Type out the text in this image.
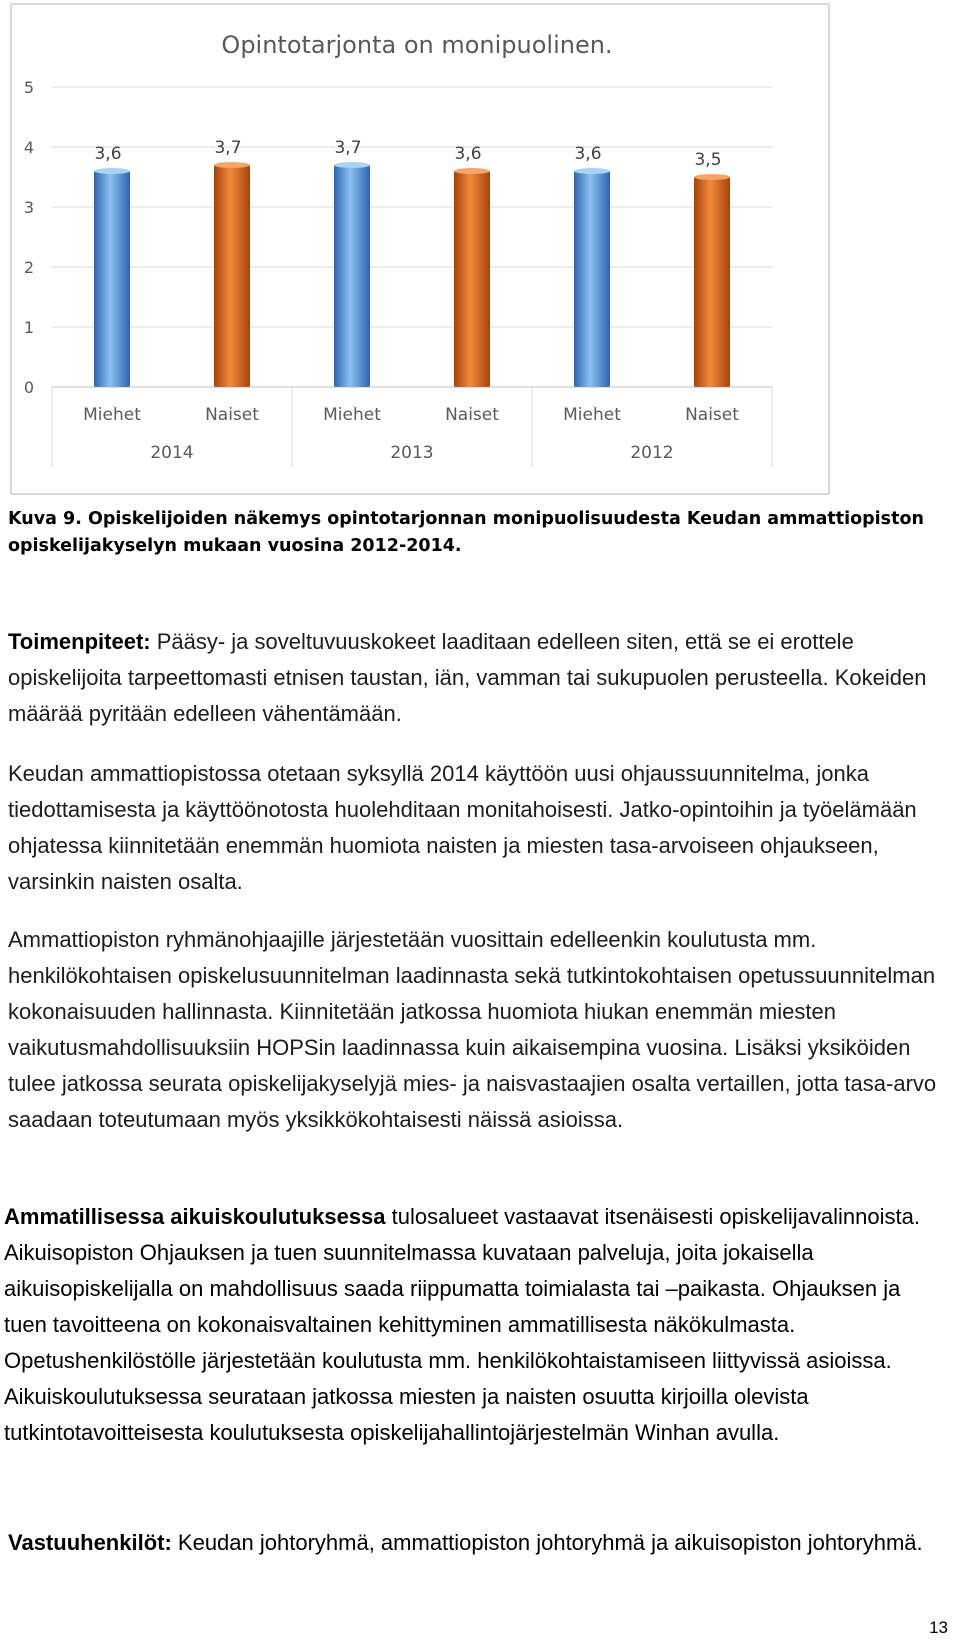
Opintotarjonta on monipuolinen.
0
1
2
3
4
5
3,6
Miehet
3,7
Naiset
3,7
Miehet
3,6
Naiset
3,6
Miehet
3,5
Naiset
2014	2013	2012
Kuva 9. Opiskelijoiden näkemys opintotarjonnan monipuolisuudesta Keudan ammattiopiston opiskelijakyselyn mukaan vuosina 2012-2014.
Toimenpiteet: Pääsy- ja soveltuvuuskokeet laaditaan edelleen siten, että se ei erottele opiskelijoita tarpeettomasti etnisen taustan, iän, vamman tai sukupuolen perusteella. Kokeiden määrää pyritään edelleen vähentämään.
Keudan ammattiopistossa otetaan syksyllä 2014 käyttöön uusi ohjaussuunnitelma, jonka tiedottamisesta ja käyttöönotosta huolehditaan monitahoisesti. Jatko-opintoihin ja työelämään ohjatessa kiinnitetään enemmän huomiota naisten ja miesten tasa-arvoiseen ohjaukseen, varsinkin naisten osalta.
Ammattiopiston ryhmänohjaajille järjestetään vuosittain edelleenkin koulutusta mm. henkilökohtaisen opiskelusuunnitelman laadinnasta sekä tutkintokohtaisen opetussuunnitelman kokonaisuuden hallinnasta. Kiinnitetään jatkossa huomiota hiukan enemmän miesten vaikutusmahdollisuuksiin HOPSin laadinnassa kuin aikaisempina vuosina. Lisäksi yksiköiden tulee jatkossa seurata opiskelijakyselyjä mies- ja naisvastaajien osalta vertaillen, jotta tasa-arvo saadaan toteutumaan myös yksikkökohtaisesti näissä asioissa.
Ammatillisessa aikuiskoulutuksessa tulosalueet vastaavat itsenäisesti opiskelijavalinnoista. Aikuisopiston Ohjauksen ja tuen suunnitelmassa kuvataan palveluja, joita jokaisella aikuisopiskelijalla on mahdollisuus saada riippumatta toimialasta tai –paikasta. Ohjauksen ja tuen tavoitteena on kokonaisvaltainen kehittyminen ammatillisesta näkökulmasta. Opetushenkilöstölle järjestetään koulutusta mm. henkilökohtaistamiseen liittyvissä asioissa. Aikuiskoulutuksessa seurataan jatkossa miesten ja naisten osuutta kirjoilla olevista tutkintotavoitteisesta koulutuksesta opiskelijahallintojärjestelmän Winhan avulla.
Vastuuhenkilöt: Keudan johtoryhmä, ammattiopiston johtoryhmä ja aikuisopiston johtoryhmä.
13
